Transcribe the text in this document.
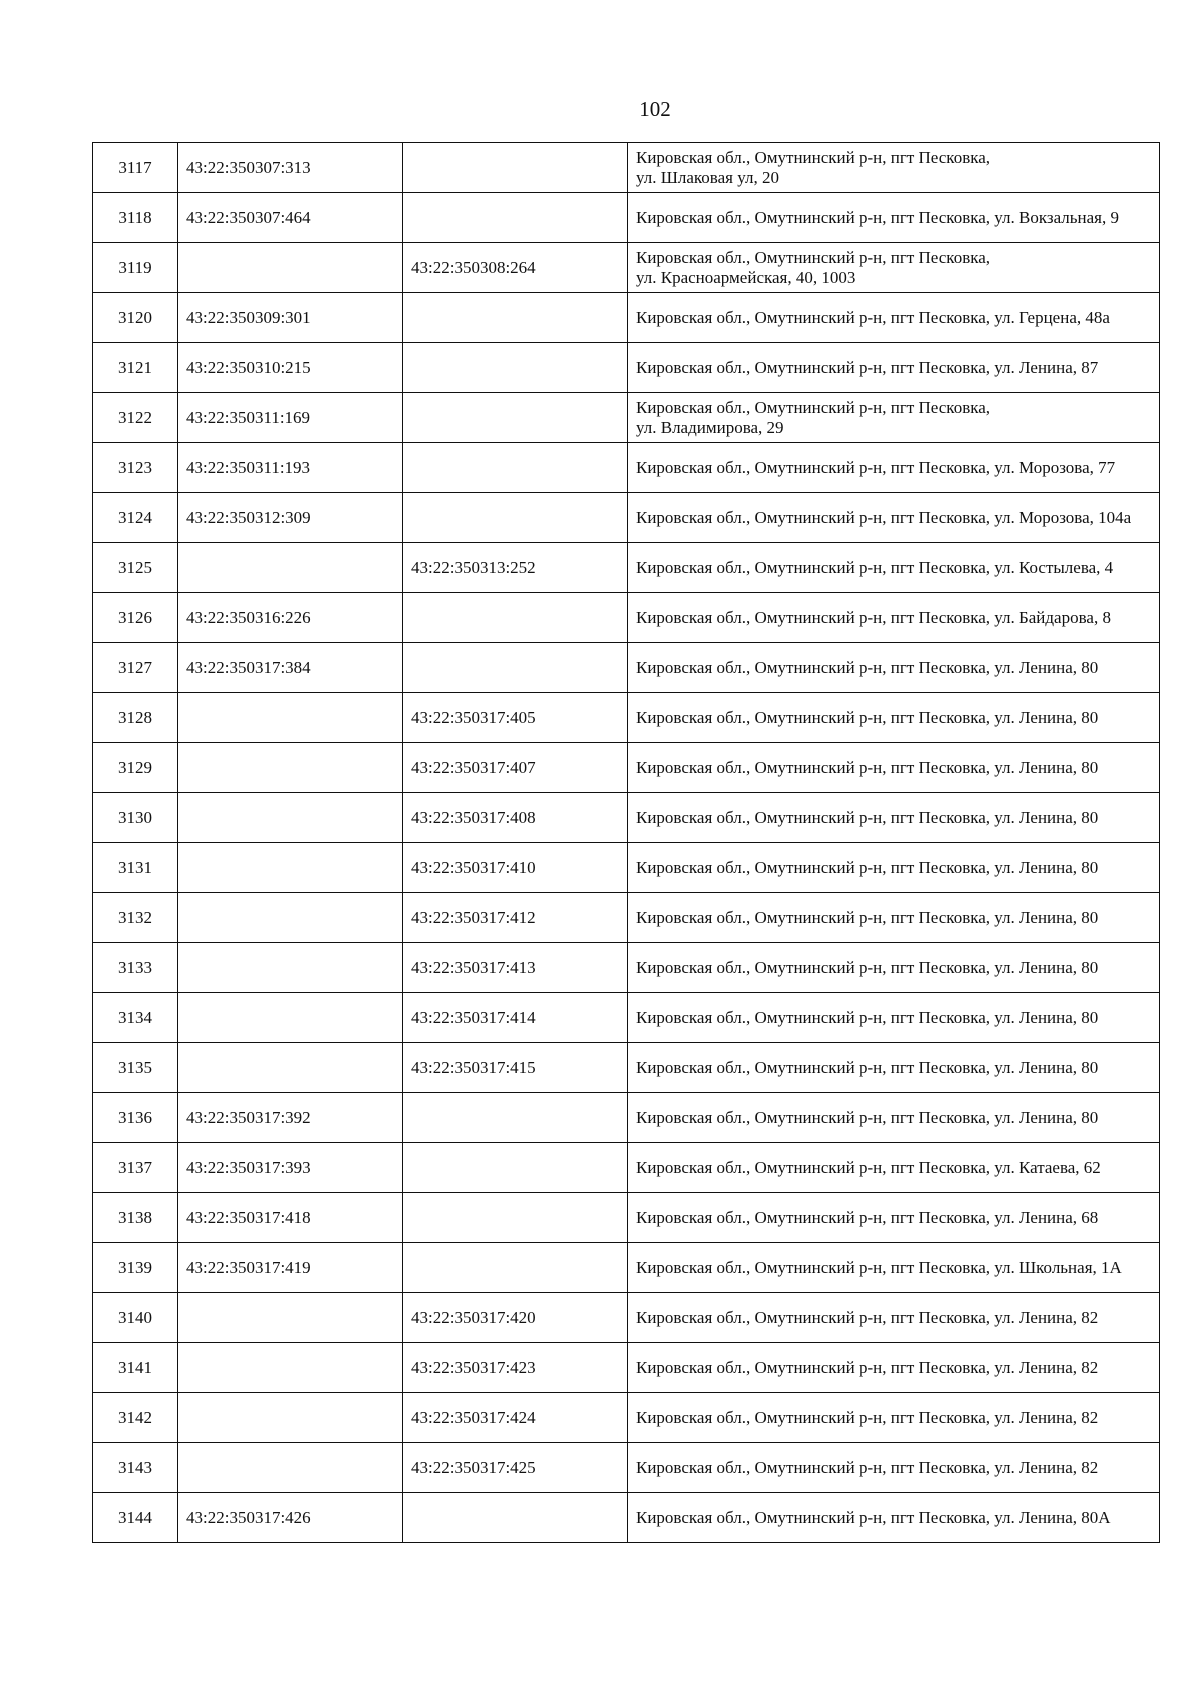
102
3117	43:22:350307:313		Кировская обл., Омутнинский р-н, пгт Песковка,
ул. Шлаковая ул, 20

3118	43:22:350307:464		Кировская обл., Омутнинский р-н, пгт Песковка, ул. Вокзальная, 9

3119		43:22:350308:264	Кировская обл., Омутнинский р-н, пгт Песковка,
ул. Красноармейская, 40, 1003

3120	43:22:350309:301		Кировская обл., Омутнинский р-н, пгт Песковка, ул. Герцена, 48а

3121	43:22:350310:215		Кировская обл., Омутнинский р-н, пгт Песковка, ул. Ленина, 87

3122	43:22:350311:169		Кировская обл., Омутнинский р-н, пгт Песковка,
ул. Владимирова, 29

3123	43:22:350311:193		Кировская обл., Омутнинский р-н, пгт Песковка, ул. Морозова, 77

3124	43:22:350312:309		Кировская обл., Омутнинский р-н, пгт Песковка, ул. Морозова, 104а

3125		43:22:350313:252	Кировская обл., Омутнинский р-н, пгт Песковка, ул. Костылева, 4

3126	43:22:350316:226		Кировская обл., Омутнинский р-н, пгт Песковка, ул. Байдарова, 8

3127	43:22:350317:384		Кировская обл., Омутнинский р-н, пгт Песковка, ул. Ленина, 80

3128		43:22:350317:405	Кировская обл., Омутнинский р-н, пгт Песковка, ул. Ленина, 80

3129		43:22:350317:407	Кировская обл., Омутнинский р-н, пгт Песковка, ул. Ленина, 80

3130		43:22:350317:408	Кировская обл., Омутнинский р-н, пгт Песковка, ул. Ленина, 80

3131		43:22:350317:410	Кировская обл., Омутнинский р-н, пгт Песковка, ул. Ленина, 80

3132		43:22:350317:412	Кировская обл., Омутнинский р-н, пгт Песковка, ул. Ленина, 80

3133		43:22:350317:413	Кировская обл., Омутнинский р-н, пгт Песковка, ул. Ленина, 80

3134		43:22:350317:414	Кировская обл., Омутнинский р-н, пгт Песковка, ул. Ленина, 80

3135		43:22:350317:415	Кировская обл., Омутнинский р-н, пгт Песковка, ул. Ленина, 80

3136	43:22:350317:392		Кировская обл., Омутнинский р-н, пгт Песковка, ул. Ленина, 80

3137	43:22:350317:393		Кировская обл., Омутнинский р-н, пгт Песковка, ул. Катаева, 62

3138	43:22:350317:418		Кировская обл., Омутнинский р-н, пгт Песковка, ул. Ленина, 68

3139	43:22:350317:419		Кировская обл., Омутнинский р-н, пгт Песковка, ул. Школьная, 1А

3140		43:22:350317:420	Кировская обл., Омутнинский р-н, пгт Песковка, ул. Ленина, 82

3141		43:22:350317:423	Кировская обл., Омутнинский р-н, пгт Песковка, ул. Ленина, 82

3142		43:22:350317:424	Кировская обл., Омутнинский р-н, пгт Песковка, ул. Ленина, 82

3143		43:22:350317:425	Кировская обл., Омутнинский р-н, пгт Песковка, ул. Ленина, 82

3144	43:22:350317:426		Кировская обл., Омутнинский р-н, пгт Песковка, ул. Ленина, 80А
